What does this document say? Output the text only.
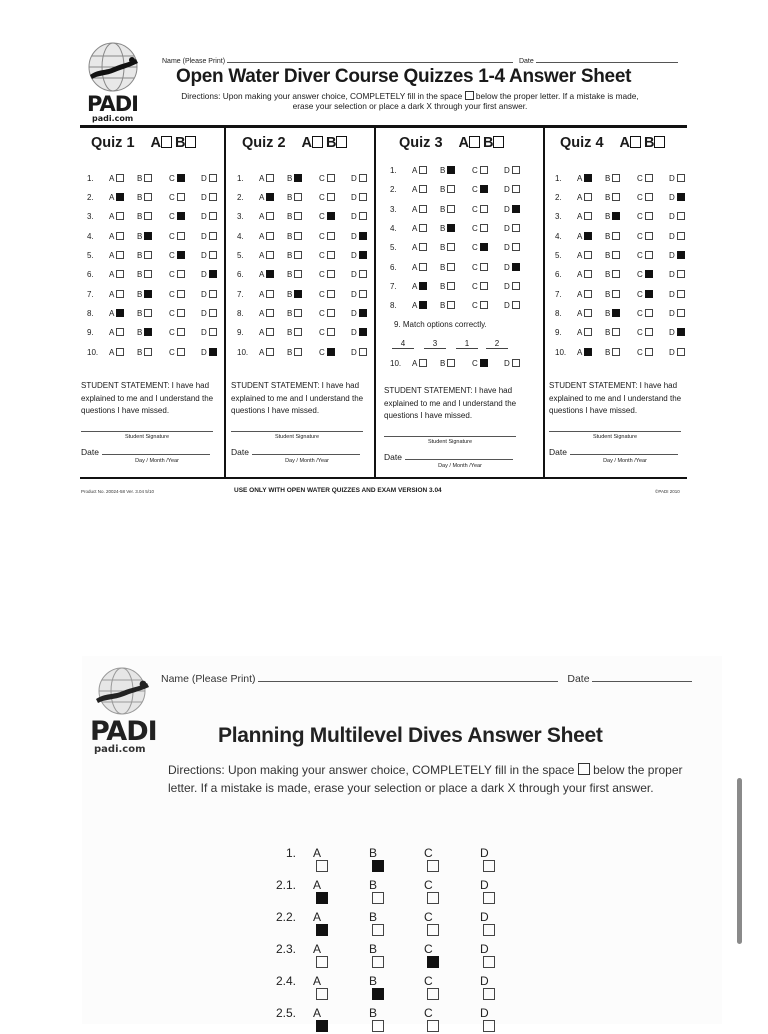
PADI
padi.com
Name (Please Print)	Date
Open Water Diver Course Quizzes 1-4 Answer Sheet
Directions: Upon making your answer choice, COMPLETELY fill in the space below the proper letter. If a mistake is made, erase your selection or place a dark X through your first answer.
Quiz 1 A B
1. A	B	C	D
2. A	B	C	D
3. A	B	C	D
4. A	B	C	D
5. A	B	C	D
6. A	B	C	D
7. A	B	C	D
8. A	B	C	D
9. A	B	C	D
10. A	B	C	D
STUDENT STATEMENT: I have had explained to me and I understand the questions I have missed.
Student Signature
Date
Day / Month /Year
Quiz 2 A B
1. A	B	C	D
2. A	B	C	D
3. A	B	C	D
4. A	B	C	D
5. A	B	C	D
6. A	B	C	D
7. A	B	C	D
8. A	B	C	D
9. A	B	C	D
10. A	B	C	D
STUDENT STATEMENT: I have had explained to me and I understand the questions I have missed.
Student Signature
Date
Day / Month /Year
Quiz 3 A B
1. A	B	C	D
2. A	B	C	D
3. A	B	C	D
4. A	B	C	D
5. A	B	C	D
6. A	B	C	D
7. A	B	C	D
8. A	B	C	D
9. Match options correctly.
4	3	1	2
10. A	B	C	D
STUDENT STATEMENT: I have had explained to me and I understand the questions I have missed.
Student Signature
Date
Day / Month /Year
Quiz 4 A B
1. A	B	C	D
2. A	B	C	D
3. A	B	C	D
4. A	B	C	D
5. A	B	C	D
6. A	B	C	D
7. A	B	C	D
8. A	B	C	D
9. A	B	C	D
10. A	B	C	D
STUDENT STATEMENT: I have had explained to me and I understand the questions I have missed.
Student Signature
Date
Day / Month /Year
Product No. 20024-58 Ver. 3.04 5/10	USE ONLY WITH OPEN WATER QUIZZES AND EXAM VERSION 3.04	©PADI 2010
PADI
padi.com
Name (Please Print)	Date
Planning Multilevel Dives Answer Sheet
Directions: Upon making your answer choice, COMPLETELY fill in the space below the proper letter. If a mistake is made, erase your selection or place a dark X through your first answer.
1. A	B	C	D
2.1. A	B	C	D
2.2. A	B	C	D
2.3. A	B	C	D
2.4. A	B	C	D
2.5. A	B	C	D
